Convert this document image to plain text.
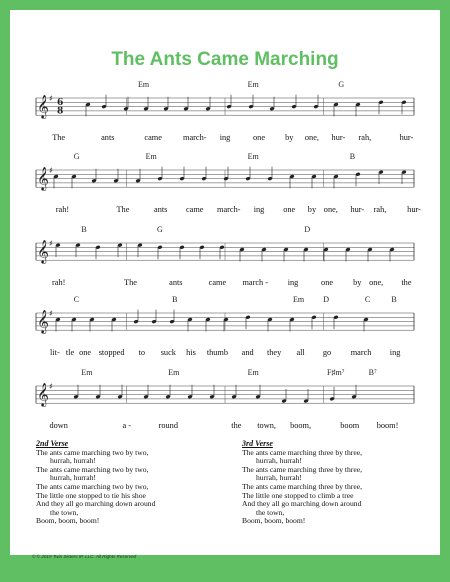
The Ants Came Marching
𝄞 ♯ 6
8
Em	Em	G
The	ants	came	march- ing	one by one, hur- rah,	hur-
𝄞 ♯
G	Em	Em	B
rah!	The	ants came march- ing one by one, hur- rah,	hur-
𝄞 ♯
B	G	D
rah!	The	ants	came march - ing	one by one, the
𝄞 ♯
C	B	Em D	C	B
lit- tle one stopped to suck his thumb and they all go march ing
𝄞 ♯
Em	Em	Em	F♯m⁷	B⁷
down	a -	round	the town, boom,	boom boom!
2nd Verse
The ants came marching two by two,
hurrah, hurrah!
The ants came marching two by two,
hurrah, hurrah!
The ants came marching two by two,
The little one stopped to tie his shoe
And they all go marching down around
the town,
Boom, boom, boom!
3rd Verse
The ants came marching three by three,
hurrah, hurrah!
The ants came marching three by three,
hurrah, hurrah!
The ants came marching three by three,
The little one stopped to climb a tree
And they all go marching down around
the town,
Boom, boom, boom!
© © 2019 Twin Sisters IP, LLC. All Rights Reserved
